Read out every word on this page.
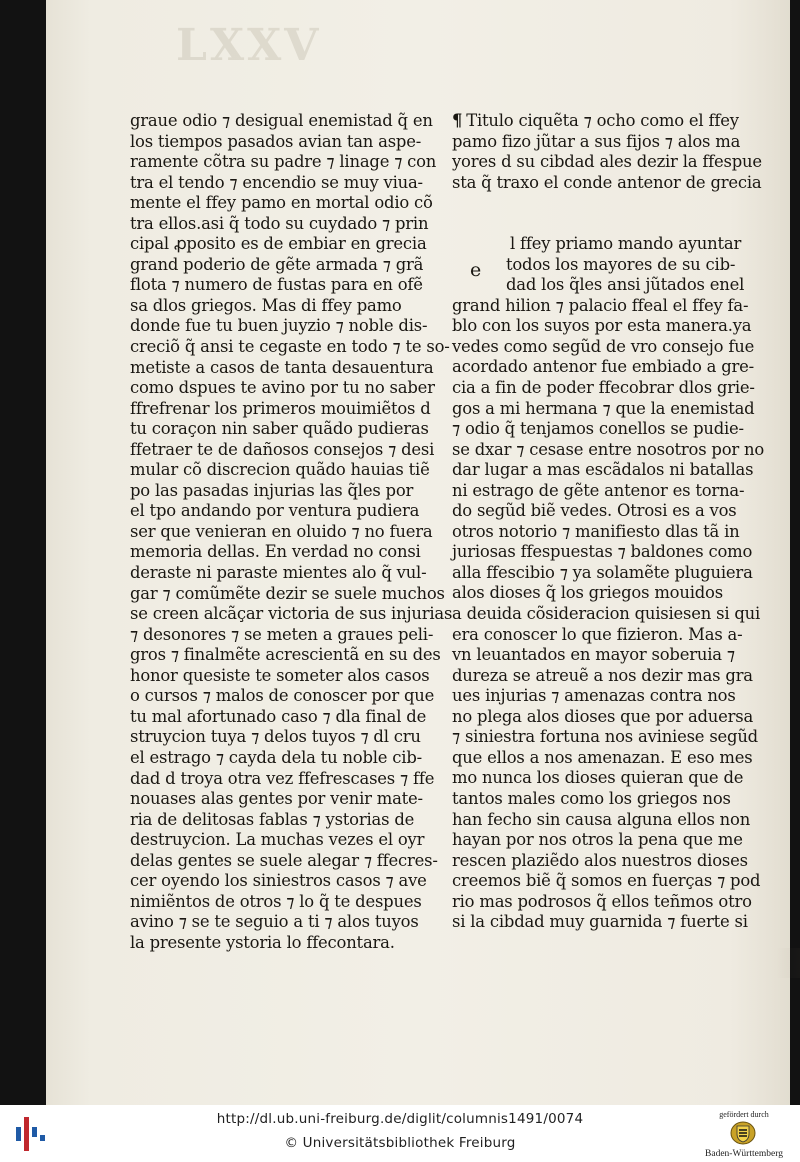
LXXV
graue odio ⁊ desigual enemistad q̃ en
los tiempos pasados avian tan aspe-
ramente cõtra su padre ⁊ linage ⁊ con
tra el tendo ⁊ encendio se muy viua-
mente el ffey pamo en mortal odio cõ
tra ellos.asi q̃ todo su cuydado ⁊ prin
cipal ꝓposito es de embiar en grecia
grand poderio de gẽte armada ⁊ grã
flota ⁊ numero de fustas para en ofẽ
sa dlos griegos. Mas di ffey pamo
donde fue tu buen juyzio ⁊ noble dis-
creciõ q̃ ansi te cegaste en todo ⁊ te so-
metiste a casos de tanta desauentura
como dspues te avino por tu no saber
ffrefrenar los primeros mouimiẽtos d
tu coraçon nin saber quãdo pudieras
ffetraer te de dañosos consejos ⁊ desi
mular cõ discrecion quãdo hauias tiẽ
po las pasadas injurias las q̃les por
el tpo andando por ventura pudiera
ser que venieran en oluido ⁊ no fuera
memoria dellas. En verdad no consi
deraste ni paraste mientes alo q̃ vul-
gar ⁊ comũmẽte dezir se suele muchos
se creen alcãçar victoria de sus injurias
⁊ desonores ⁊ se meten a graues peli-
gros ⁊ finalmẽte acrescientã en su des
honor quesiste te someter alos casos
o cursos ⁊ malos de conoscer por que
tu mal afortunado caso ⁊ dla final de
struycion tuya ⁊ delos tuyos ⁊ dl cru
el estrago ⁊ cayda dela tu noble cib-
dad d troya otra vez ffefrescases ⁊ ffe
nouases alas gentes por venir mate-
ria de delitosas fablas ⁊ ystorias de
destruycion. La muchas vezes el oyr
delas gentes se suele alegar ⁊ ffecres-
cer oyendo los siniestros casos ⁊ ave
nimiẽntos de otros ⁊ lo q̃ te despues
avino ⁊ se te seguio a ti ⁊ alos tuyos
la presente ystoria lo ffecontara.
¶ Titulo ciquẽta ⁊ ocho como el ffey
pamo fizo jũtar a sus fijos ⁊ alos ma
yores d su cibdad ales dezir la ffespue
sta q̃ traxo el conde antenor de grecia
l ffey priamo mando ayuntar
todos los mayores de su cib-
dad los q̃les ansi jũtados enel
grand hilion ⁊ palacio ffeal el ffey fa-
blo con los suyos por esta manera.ya
vedes como segũd de vro consejo fue
acordado antenor fue embiado a gre-
cia a fin de poder ffecobrar dlos grie-
gos a mi hermana ⁊ que la enemistad
⁊ odio q̃ tenjamos conellos se pudie-
se dxar ⁊ cesase entre nosotros por no
dar lugar a mas escãdalos ni batallas
ni estrago de gẽte antenor es torna-
do segũd biẽ vedes. Otrosi es a vos
otros notorio ⁊ manifiesto dlas tã in
juriosas ffespuestas ⁊ baldones como
alla ffescibio ⁊ ya solamẽte pluguiera
alos dioses q̃ los griegos mouidos
a deuida cõsideracion quisiesen si qui
era conoscer lo que fizieron. Mas a-
vn leuantados en mayor soberuia ⁊
dureza se atreuẽ a nos dezir mas gra
ues injurias ⁊ amenazas contra nos
no plega alos dioses que por aduersa
⁊ siniestra fortuna nos aviniese segũd
que ellos a nos amenazan. E eso mes
mo nunca los dioses quieran que de
tantos males como los griegos nos
han fecho sin causa alguna ellos non
hayan por nos otros la pena que me
rescen plaziẽdo alos nuestros dioses
creemos biẽ q̃ somos en fuerças ⁊ pod
rio mas podrosos q̃ ellos teñmos otro
si la cibdad muy guarnida ⁊ fuerte si
e
http://dl.ub.uni-freiburg.de/diglit/columnis1491/0074
© Universitätsbibliothek Freiburg
gefördert durch
Baden-Württemberg
